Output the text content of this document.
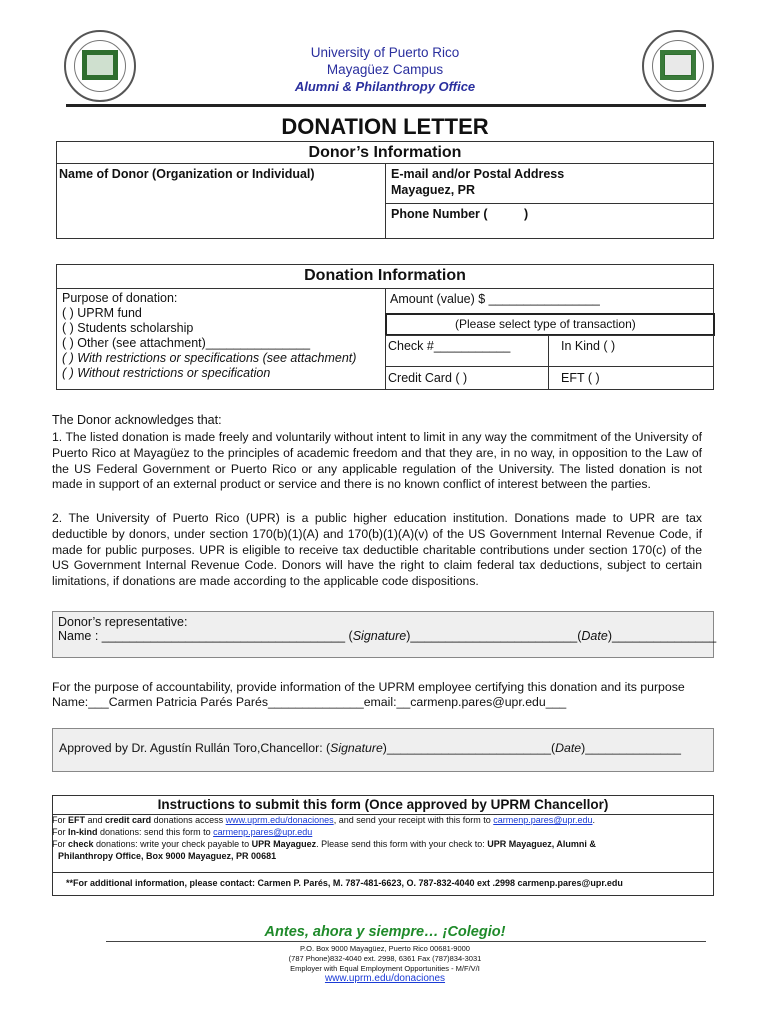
University of Puerto Rico
Mayagüez Campus
Alumni & Philanthropy Office
DONATION LETTER
Donor’s Information
Name of Donor (Organization or Individual)	E-mail and/or Postal Address
Mayaguez, PR
Phone Number (	)
Donation Information
Purpose of donation:
( ) UPRM fund
( ) Students scholarship
( ) Other (see attachment)_______________
( ) With restrictions or specifications (see attachment)
( ) Without restrictions or specification
Amount (value) $ ________________
(Please select type of transaction)
Check #___________	In Kind ( )
Credit Card ( )	EFT ( )
The Donor acknowledges that:
1. The listed donation is made freely and voluntarily without intent to limit in any way the commitment of the University of Puerto Rico at Mayagüez to the principles of academic freedom and that they are, in no way, in opposition to the Law of the US Federal Government or Puerto Rico or any applicable regulation of the University. The listed donation is not made in support of an external product or service and there is no known conflict of interest between the parties.
2. The University of Puerto Rico (UPR) is a public higher education institution. Donations made to UPR are tax deductible by donors, under section 170(b)(1)(A) and 170(b)(1)(A)(v) of the US Government Internal Revenue Code, if made for public purposes. UPR is eligible to receive tax deductible charitable contributions under section 170(c) of the US Government Internal Revenue Code. Donors will have the right to claim federal tax deductions, subject to certain limitations, if donations are made according to the applicable code dispositions.
Donor’s representative:
Name : ___________________________________ (Signature)________________________(Date)_______________
For the purpose of accountability, provide information of the UPRM employee certifying this donation and its purpose
Name:___Carmen Patricia Parés Parés______________email:__carmenp.pares@upr.edu___
Approved by Dr. Agustín Rullán Toro,Chancellor: (Signature)________________________(Date)______________
Instructions to submit this form (Once approved by UPRM Chancellor)
For EFT and credit card donations access www.uprm.edu/donaciones, and send your receipt with this form to carmenp.pares@upr.edu.
For In-kind donations: send this form to carmenp.pares@upr.edu
For check donations: write your check payable to UPR Mayaguez. Please send this form with your check to: UPR Mayaguez, Alumni &
Philanthropy Office, Box 9000 Mayaguez, PR 00681
**For additional information, please contact: Carmen P. Parés, M. 787-481-6623, O. 787-832-4040 ext .2998 carmenp.pares@upr.edu
Antes, ahora y siempre… ¡Colegio!
P.O. Box 9000 Mayagüez, Puerto Rico 00681-9000
(787 Phone)832-4040 ext. 2998, 6361 Fax (787)834-3031
Employer with Equal Employment Opportunities - M/F/V/I
www.uprm.edu/donaciones
